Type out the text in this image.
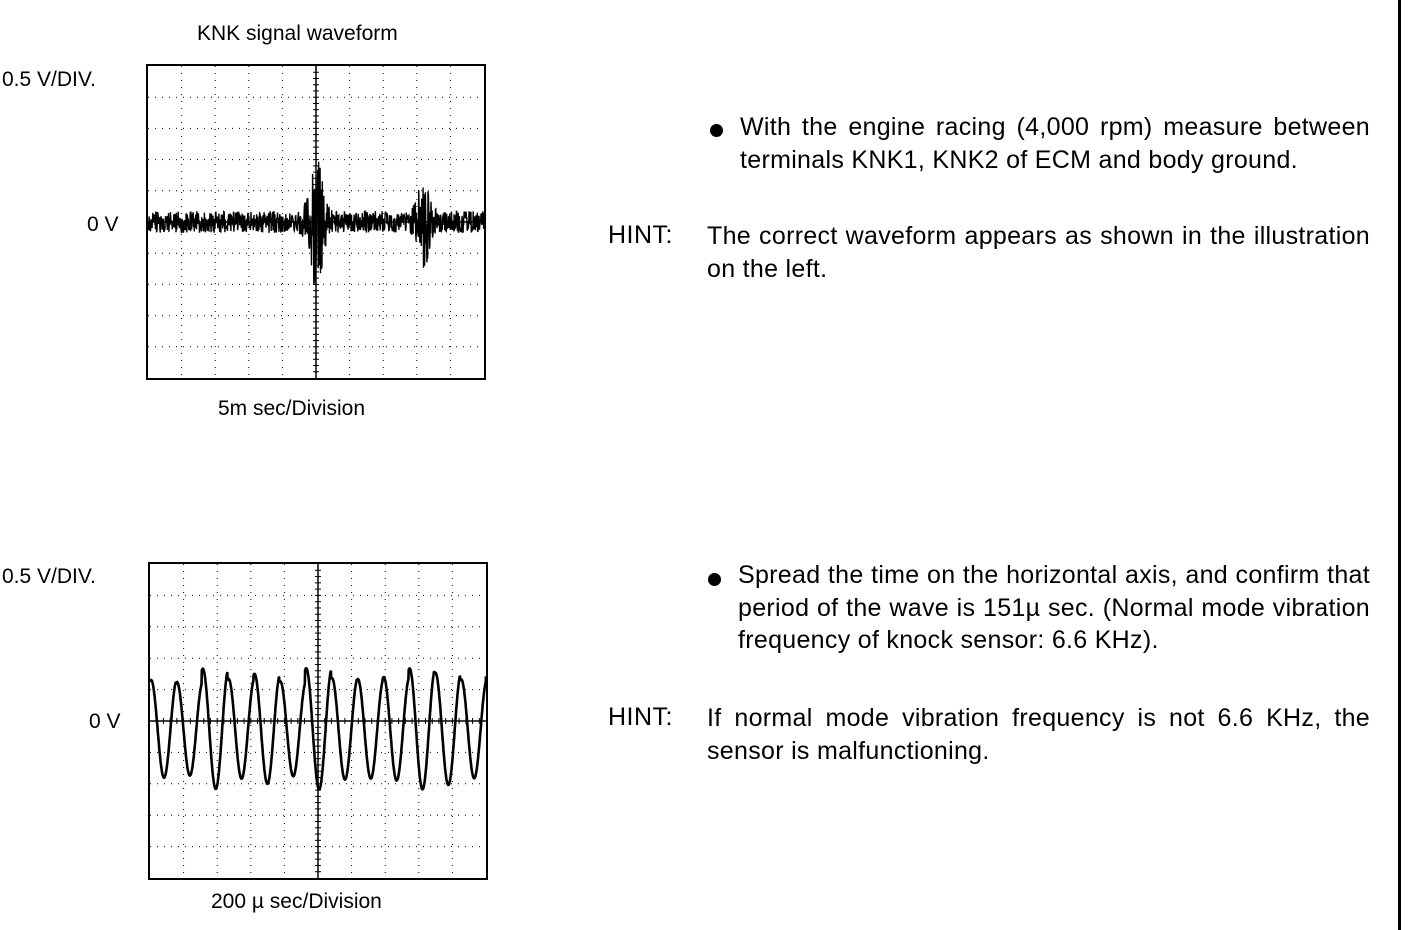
KNK signal waveform
0.5 V/DIV.
0 V
5m sec/Division
0.5 V/DIV.
0 V
200 µ sec/Division
With the engine racing (4,000 rpm) measure between terminals KNK1, KNK2 of ECM and body ground.
HINT: The correct waveform appears as shown in the illustration on the left.
Spread the time on the horizontal axis, and confirm that period of the wave is 151µ sec. (Normal mode vibration frequency of knock sensor: 6.6 KHz).
HINT: If normal mode vibration frequency is not 6.6 KHz, the sensor is malfunctioning.
